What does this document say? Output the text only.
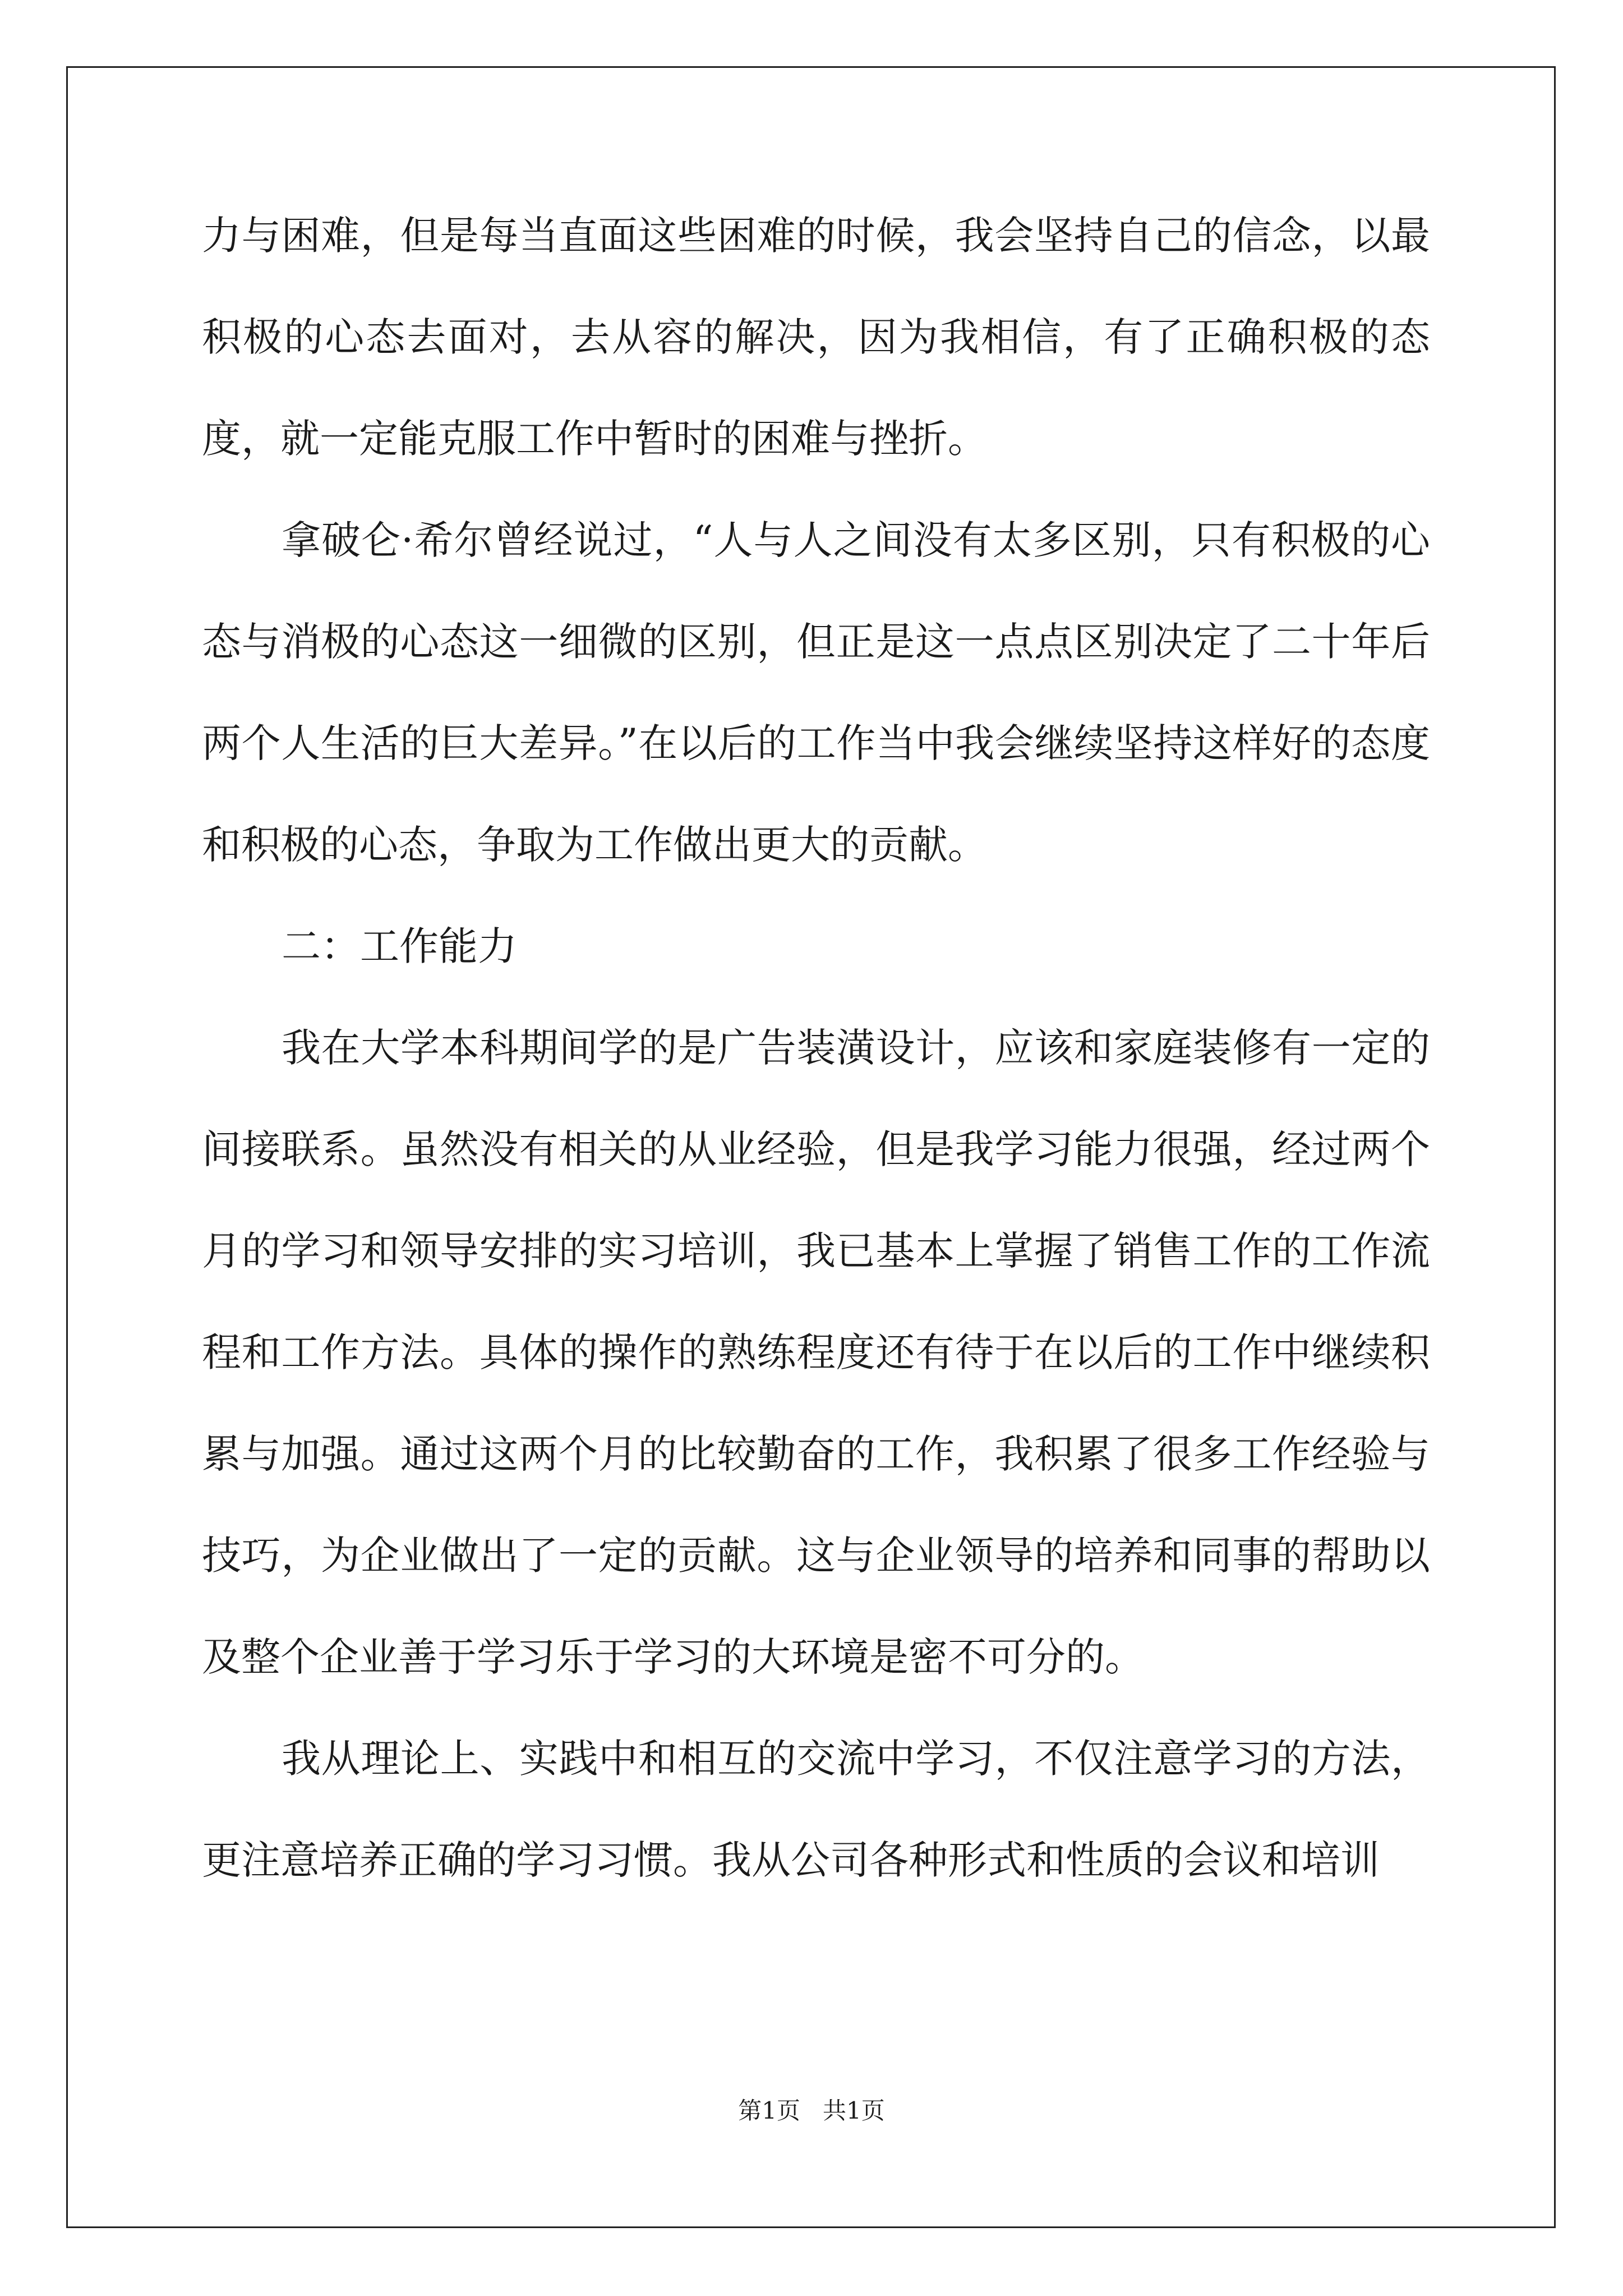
力与困难，但是每当直面这些困难的时候，我会坚持自己的信念，以最积极的心态去面对，去从容的解决，因为我相信，有了正确积极的态度，就一定能克服工作中暂时的困难与挫折。

拿破仑·希尔曾经说过，“人与人之间没有太多区别，只有积极的心态与消极的心态这一细微的区别，但正是这一点点区别决定了二十年后两个人生活的巨大差异。”在以后的工作当中我会继续坚持这样好的态度和积极的心态，争取为工作做出更大的贡献。

二：工作能力

我在大学本科期间学的是广告装潢设计，应该和家庭装修有一定的间接联系。虽然没有相关的从业经验，但是我学习能力很强，经过两个月的学习和领导安排的实习培训，我已基本上掌握了销售工作的工作流程和工作方法。具体的操作的熟练程度还有待于在以后的工作中继续积累与加强。通过这两个月的比较勤奋的工作，我积累了很多工作经验与技巧，为企业做出了一定的贡献。这与企业领导的培养和同事的帮助以及整个企业善于学习乐于学习的大环境是密不可分的。

我从理论上、实践中和相互的交流中学习，不仅注意学习的方法，更注意培养正确的学习习惯。我从公司各种形式和性质的会议和培训

第1页 共1页
